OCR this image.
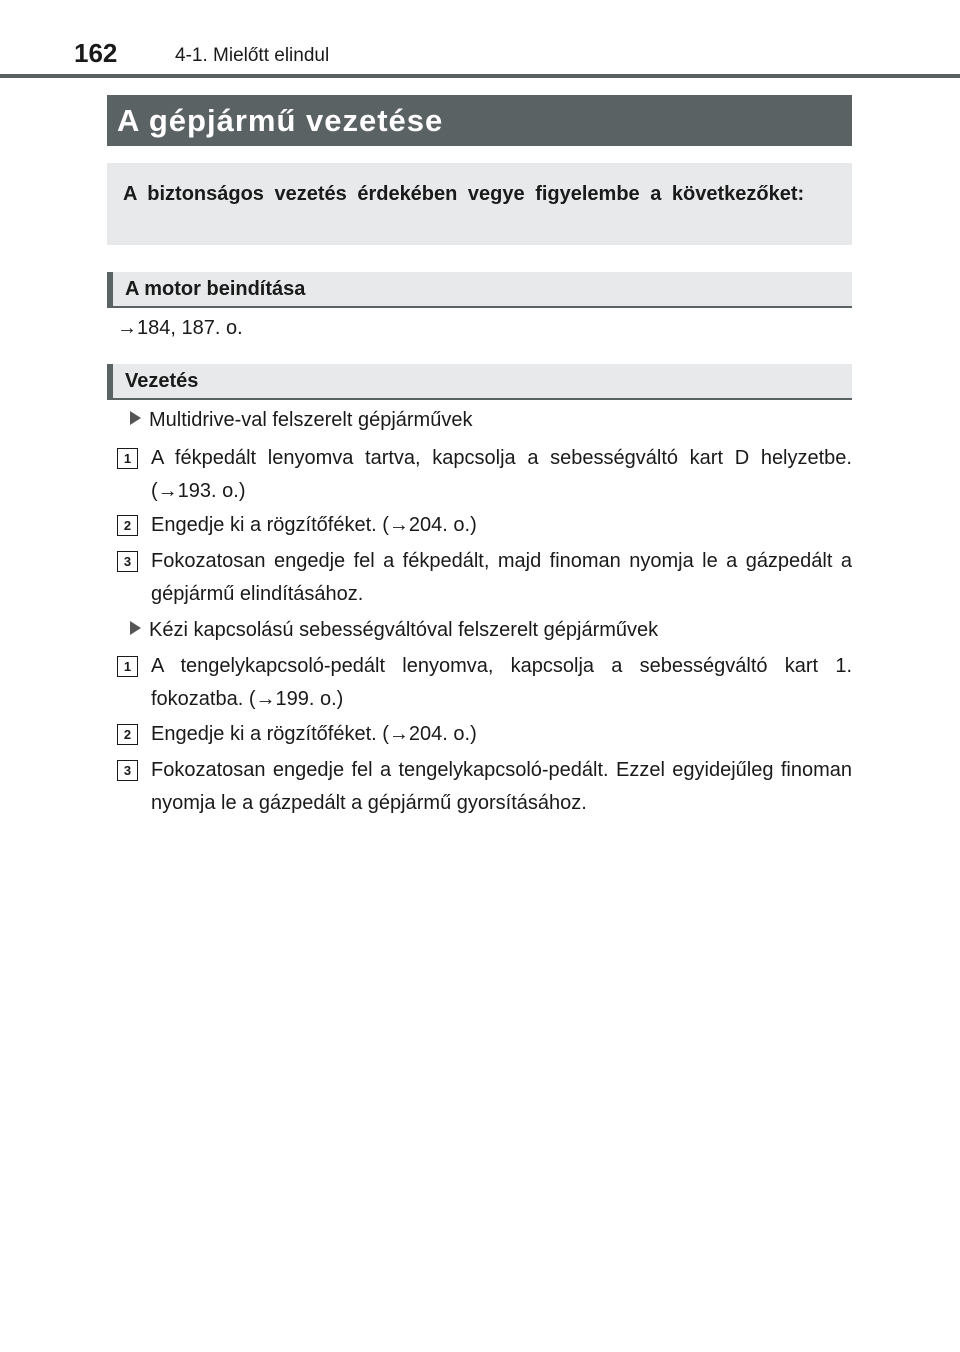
162	4-1. Mielőtt elindul
A gépjármű vezetése
A biztonságos vezetés érdekében vegye figyelembe a következőket:
A motor beindítása
→184, 187. o.
Vezetés
Multidrive-val felszerelt gépjárművek
1 A fékpedált lenyomva tartva, kapcsolja a sebességváltó kart D helyzetbe. (→193. o.)
2 Engedje ki a rögzítőféket. (→204. o.)
3 Fokozatosan engedje fel a fékpedált, majd finoman nyomja le a gázpedált a gépjármű elindításához.
Kézi kapcsolású sebességváltóval felszerelt gépjárművek
1 A tengelykapcsoló-pedált lenyomva, kapcsolja a sebességváltó kart 1. fokozatba. (→199. o.)
2 Engedje ki a rögzítőféket. (→204. o.)
3 Fokozatosan engedje fel a tengelykapcsoló-pedált. Ezzel egyidejűleg finoman nyomja le a gázpedált a gépjármű gyorsításához.
